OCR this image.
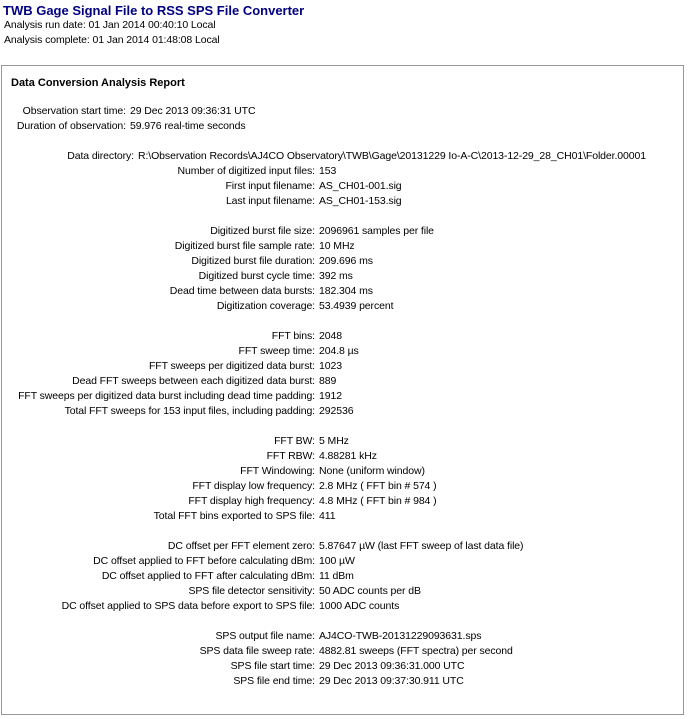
TWB Gage Signal File to RSS SPS File Converter
Analysis run date: 01 Jan 2014 00:40:10 Local
Analysis complete: 01 Jan 2014 01:48:08 Local
Data Conversion Analysis Report
Observation start time: 29 Dec 2013 09:36:31 UTC
Duration of observation: 59.976 real-time seconds
Data directory: R:\Observation Records\AJ4CO Observatory\TWB\Gage\20131229 Io-A-C\2013-12-29_28_CH01\Folder.00001
Number of digitized input files: 153
First input filename: AS_CH01-001.sig
Last input filename: AS_CH01-153.sig
Digitized burst file size: 2096961 samples per file
Digitized burst file sample rate: 10 MHz
Digitized burst file duration: 209.696 ms
Digitized burst cycle time: 392 ms
Dead time between data bursts: 182.304 ms
Digitization coverage: 53.4939 percent
FFT bins: 2048
FFT sweep time: 204.8 µs
FFT sweeps per digitized data burst: 1023
Dead FFT sweeps between each digitized data burst: 889
FFT sweeps per digitized data burst including dead time padding: 1912
Total FFT sweeps for 153 input files, including padding: 292536
FFT BW: 5 MHz
FFT RBW: 4.88281 kHz
FFT Windowing: None (uniform window)
FFT display low frequency: 2.8 MHz ( FFT bin # 574 )
FFT display high frequency: 4.8 MHz ( FFT bin # 984 )
Total FFT bins exported to SPS file: 411
DC offset per FFT element zero: 5.87647 µW (last FFT sweep of last data file)
DC offset applied to FFT before calculating dBm: 100 µW
DC offset applied to FFT after calculating dBm: 11 dBm
SPS file detector sensitivity: 50 ADC counts per dB
DC offset applied to SPS data before export to SPS file: 1000 ADC counts
SPS output file name: AJ4CO-TWB-20131229093631.sps
SPS data file sweep rate: 4882.81 sweeps (FFT spectra) per second
SPS file start time: 29 Dec 2013 09:36:31.000 UTC
SPS file end time: 29 Dec 2013 09:37:30.911 UTC
